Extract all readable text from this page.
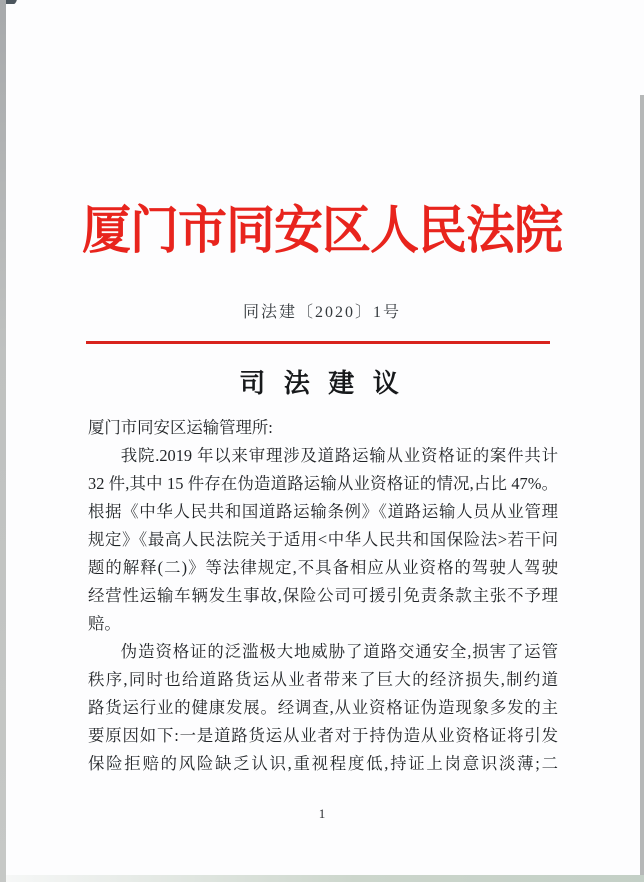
厦门市同安区人民法院
同法建〔2020〕1号
司 法 建 议
厦门市同安区运输管理所:
我院.2019 年以来审理涉及道路运输从业资格证的案件共计
32 件,其中 15 件存在伪造道路运输从业资格证的情况,占比 47%。
根据《中华人民共和国道路运输条例》《道路运输人员从业管理
规定》《最高人民法院关于适用<中华人民共和国保险法>若干问
题的解释(二)》等法律规定,不具备相应从业资格的驾驶人驾驶
经营性运输车辆发生事故,保险公司可援引免责条款主张不予理
赔。
伪造资格证的泛滥极大地威胁了道路交通安全,损害了运管
秩序,同时也给道路货运从业者带来了巨大的经济损失,制约道
路货运行业的健康发展。经调查,从业资格证伪造现象多发的主
要原因如下:一是道路货运从业者对于持伪造从业资格证将引发
保险拒赔的风险缺乏认识,重视程度低,持证上岗意识淡薄;二
1
